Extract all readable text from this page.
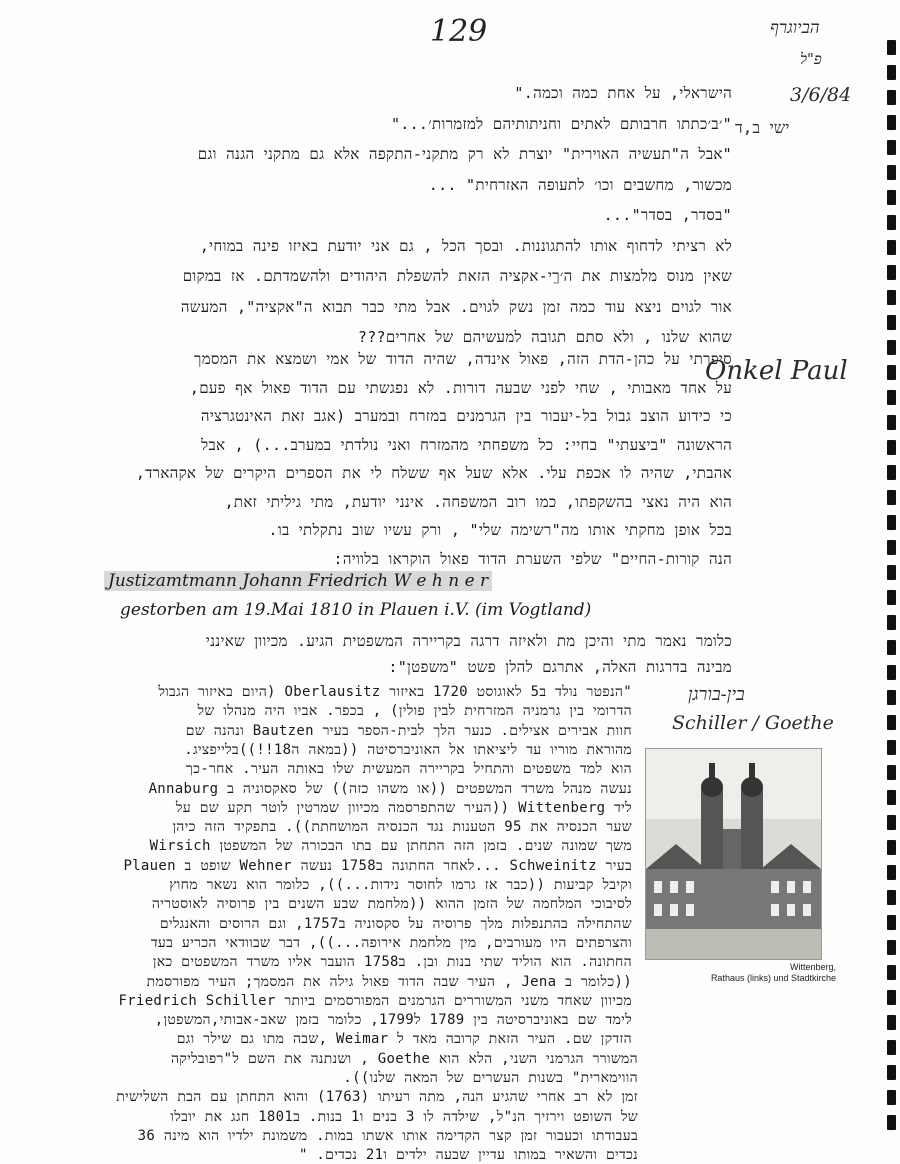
129	הביוגרף
פ"ל
3/6/84
ישי ב,ד
Onkel Paul
בין-בורגן
Schiller / Goethe
הישראלי, על אחת כמה וכמה."
"׳ב׳כתתו חרבותם לאתים וחניתותיהם למזמרות׳..."
"אבל ה"תעשיה האוירית" יוצרת לא רק מתקני-התקפה אלא גם מתקני הגנה וגם
מכשור, מחשבים וכו׳ לתעופה האזרחית" ...
"בסדר, בסדר"...
לא רציתי לדחוף אותו להתגוננות. ובסך הכל , גם אני יודעת באיזו פינה במוחי,
שאין מנוס מלמצות את ה׳ךֵי-אקציה הזאת להשפלת היהודים ולהשמדתם. אז במקום
אור לגוים ניצא עוד כמה זמן נשק לגוים. אבל מתי כבר תבוא ה"אקציה", המעשה
שהוא שלנו , ולא סתם תגובה למעשיהם של אחרים???
סיפרתי על כהן-הדת הזה, פאול אינדה, שהיה הדוד של אמי ושמצא את המסמך
על אחד מאבותי , שחי לפני שבעה דורות. לא נפגשתי עם הדוד פאול אף פעם,
כי כידוע הוצב גבול בל-יעבור בין הגרמנים במזרח ובמערב (אגב זאת האינטגרציה
הראשונה "ביצעתי" בחיי: כל משפחתי מהמזרח ואני נולדתי במערב...) , אבל
אהבתי, שהיה לו אכפת עלי. אלא שעל אף ששלח לי את הספרים היקרים של אקהארד,
הוא היה נאצי בהשקפתו, כמו רוב המשפחה. אינני יודעת, מתי גיליתי זאת,
בכל אופן מחקתי אותו מה"רשימה שלי" , ורק עשיו שוב נתקלתי בו.
הנה קורות-החיים" שלפי השערת הדוד פאול הוקראו בלוויה:
Justizamtmann Johann Friedrich W e h n e r
gestorben am 19.Mai 1810 in Plauen i.V. (im Vogtland)
כלומר נאמר מתי והיכן מת ולאיזה דרגה בקריירה המשפטית הגיע. מכיוון שאינני
מבינה בדרגות האלה, אתרגם להלן פשט "משפטן":
"הנפטר נולד ב5 לאוגוסט 1720 באיזור Oberlausitz (היום באיזור הגבול
הדרומי בין גרמניה המזרחית לבין פולין) , בכפר. אביו היה מנהלו של
חוות אבירים אצילים. כנער הלך לבית-הספר בעיר Bautzen ונהנה שם
מהוראת מוריו עד ליציאתו אל האוניברסיטה ((במאה ה18!!))בלייפציג.
הוא למד משפטים והתחיל בקריירה המעשית שלו באותה העיר. אחר-כך
נעשה מנהל משרד המשפטים ((או משהו כזה)) של סאקסוניה ב Annaburg
ליד Wittenberg ((העיר שהתפרסמה מכיוון שמרטין לוטר תקע שם על
שער הכנסיה את 95 הטענות נגד הכנסיה המושחתת)). בתפקיד הזה כיהן
משך שמונה שנים. בזמן הזה התחתן עם בתו הבכורה של המשפטן Wirsich
בעיר Schweinitz ...לאחר החתונה ב1758 נעשה Wehner שופט ב Plauen
וקיבל קביעות ((כבר אז גרמו לחוסר נידות...)), כלומר הוא נשאר מחוץ
לסיבוכי המלחמה של הזמן ההוא ((מלחמת שבע השנים בין פרוסיה לאוסטריה
שהתחילה בהתנפלות מלך פרוסיה על סקסוניה ב1757, וגם הרוסים והאנגלים
והצרפתים היו מעורבים, מין מלחמת אירופה...)), דבר שבוודאי הכריע בעד
החתונה. הוא הוליד שתי בנות ובן. ב1758 הועבר אליו משרד המשפטים כאן
((כלומר ב Jena , העיר שבה הדוד פאול גילה את המסמך; העיר מפורסמת
מכיוון שאחד משני המשוררים הגרמנים המפורסמים ביותר Friedrich Schiller
לימד שם באוניברסיטה בין 1789 ל1799, כלומר בזמן שאב-אבותי,המשפטן,
הזדקן שם. העיר הזאת קרובה מאד ל Weimar ,שבה מתו גם שילר וגם
המשורר הגרמני השני, הלא הוא Goethe , ושנתנה את השם ל"רפובליקה
הווימארית" בשנות העשרים של המאה שלנו)).
זמן לא רב אחרי שהגיע הנה, מתה רעיתו (1763) והוא התחתן עם הבת השלישית
של השופט וירזיך הנ"ל, שילדה לו 3 בנים ו1 בנות. ב1801 חגג את יובלו
בעבודתו וכעבור זמן קצר הקדימה אותו אשתו במות. משמונת ילדיו הוא מינה 36
נכדים והשאיר במותו עדיין שבעה ילדים ו21 נכדים. "
Wittenberg,
Rathaus (links) und Stadtkirche
